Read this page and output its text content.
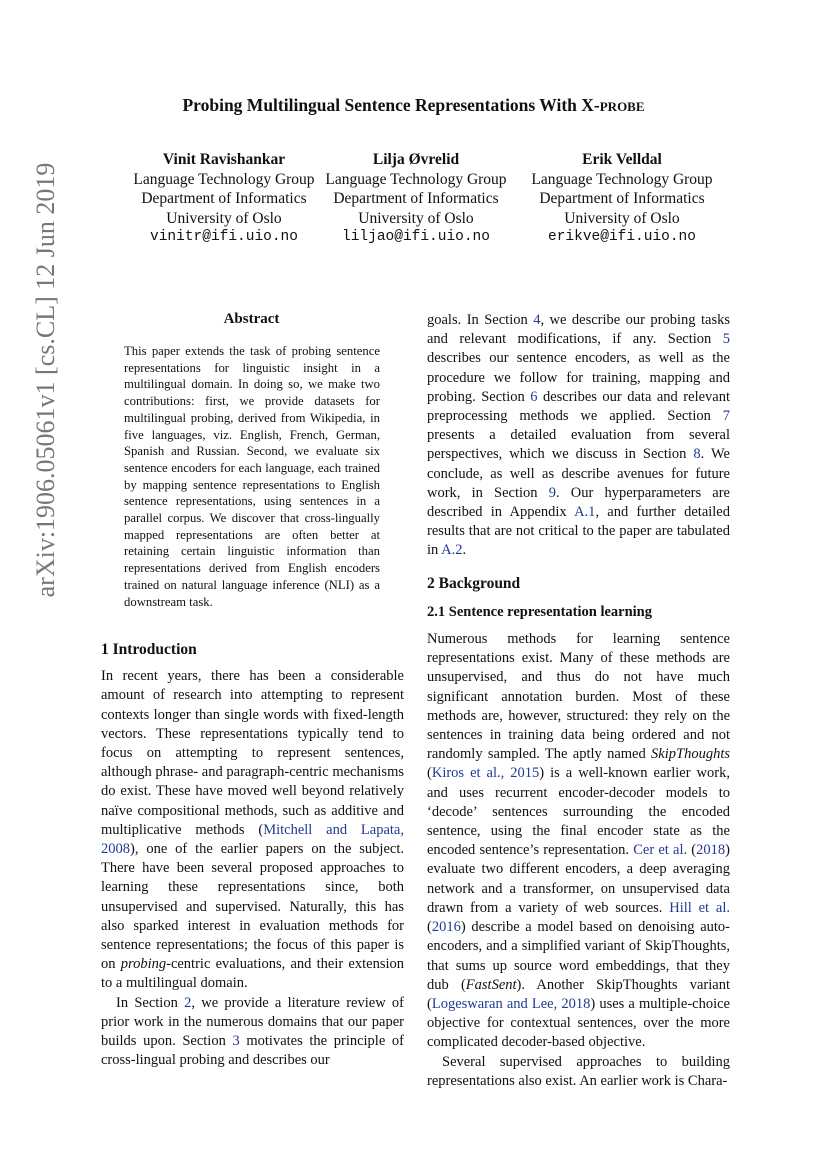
Probing Multilingual Sentence Representations With X-PROBE
Vinit Ravishankar
Language Technology Group
Department of Informatics
University of Oslo
vinitr@ifi.uio.no
Lilja Øvrelid
Language Technology Group
Department of Informatics
University of Oslo
liljao@ifi.uio.no
Erik Velldal
Language Technology Group
Department of Informatics
University of Oslo
erikve@ifi.uio.no
arXiv:1906.05061v1 [cs.CL] 12 Jun 2019	Abstract
This paper extends the task of probing sentence representations for linguistic insight in a multilingual domain. In doing so, we make two contributions: first, we provide datasets for multilingual probing, derived from Wikipedia, in five languages, viz. English, French, German, Spanish and Russian. Second, we evaluate six sentence encoders for each language, each trained by mapping sentence representations to English sentence representations, using sentences in a parallel corpus. We discover that cross-lingually mapped representations are often better at retaining certain linguistic information than representations derived from English encoders trained on natural language inference (NLI) as a downstream task.
1 Introduction

In recent years, there has been a considerable amount of research into attempting to represent contexts longer than single words with fixed-length vectors. These representations typically tend to focus on attempting to represent sentences, although phrase- and paragraph-centric mechanisms do exist. These have moved well beyond relatively naïve compositional methods, such as additive and multiplicative methods (Mitchell and Lapata, 2008), one of the earlier papers on the subject. There have been several proposed approaches to learning these representations since, both unsupervised and supervised. Naturally, this has also sparked interest in evaluation methods for sentence representations; the focus of this paper is on probing-centric evaluations, and their extension to a multilingual domain.

In Section 2, we provide a literature review of prior work in the numerous domains that our paper builds upon. Section 3 motivates the principle of cross-lingual probing and describes our

goals. In Section 4, we describe our probing tasks and relevant modifications, if any. Section 5 describes our sentence encoders, as well as the procedure we follow for training, mapping and probing. Section 6 describes our data and relevant preprocessing methods we applied. Section 7 presents a detailed evaluation from several perspectives, which we discuss in Section 8. We conclude, as well as describe avenues for future work, in Section 9. Our hyperparameters are described in Appendix A.1, and further detailed results that are not critical to the paper are tabulated in A.2.

2 Background
2.1 Sentence representation learning

Numerous methods for learning sentence representations exist. Many of these methods are unsupervised, and thus do not have much significant annotation burden. Most of these methods are, however, structured: they rely on the sentences in training data being ordered and not randomly sampled. The aptly named SkipThoughts (Kiros et al., 2015) is a well-known earlier work, and uses recurrent encoder-decoder models to ‘decode’ sentences surrounding the encoded sentence, using the final encoder state as the encoded sentence’s representation. Cer et al. (2018) evaluate two different encoders, a deep averaging network and a transformer, on unsupervised data drawn from a variety of web sources. Hill et al. (2016) describe a model based on denoising auto-encoders, and a simplified variant of SkipThoughts, that sums up source word embeddings, that they dub (FastSent). Another SkipThoughts variant (Logeswaran and Lee, 2018) uses a multiple-choice objective for contextual sentences, over the more complicated decoder-based objective.

Several supervised approaches to building representations also exist. An earlier work is Chara-
